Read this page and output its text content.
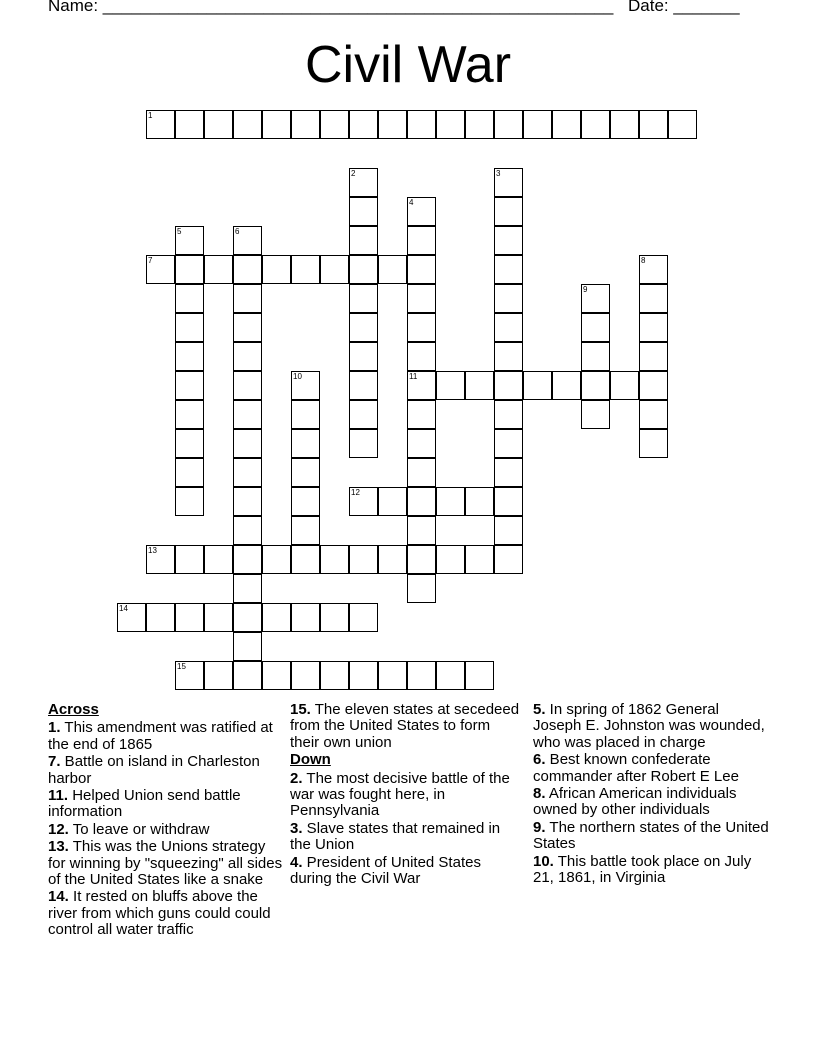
Name: ______________________________________________________ Date: _______
Civil War
1
7
11
12
13
14
15
2	3
4
5	6
8
9
10
Across
1. This amendment was ratified at the end of 1865
7. Battle on island in Charleston harbor
11. Helped Union send battle information
12. To leave or withdraw
13. This was the Unions strategy for winning by "squeezing" all sides of the United States like a snake
14. It rested on bluffs above the river from which guns could could control all water traffic
15. The eleven states at secedeed from the United States to form their own union
Down
2. The most decisive battle of the war was fought here, in Pennsylvania
3. Slave states that remained in the Union
4. President of United States during the Civil War
5. In spring of 1862 General Joseph E. Johnston was wounded, who was placed in charge
6. Best known confederate commander after Robert E Lee
8. African American individuals owned by other individuals
9. The northern states of the United States
10. This battle took place on July 21, 1861, in Virginia
